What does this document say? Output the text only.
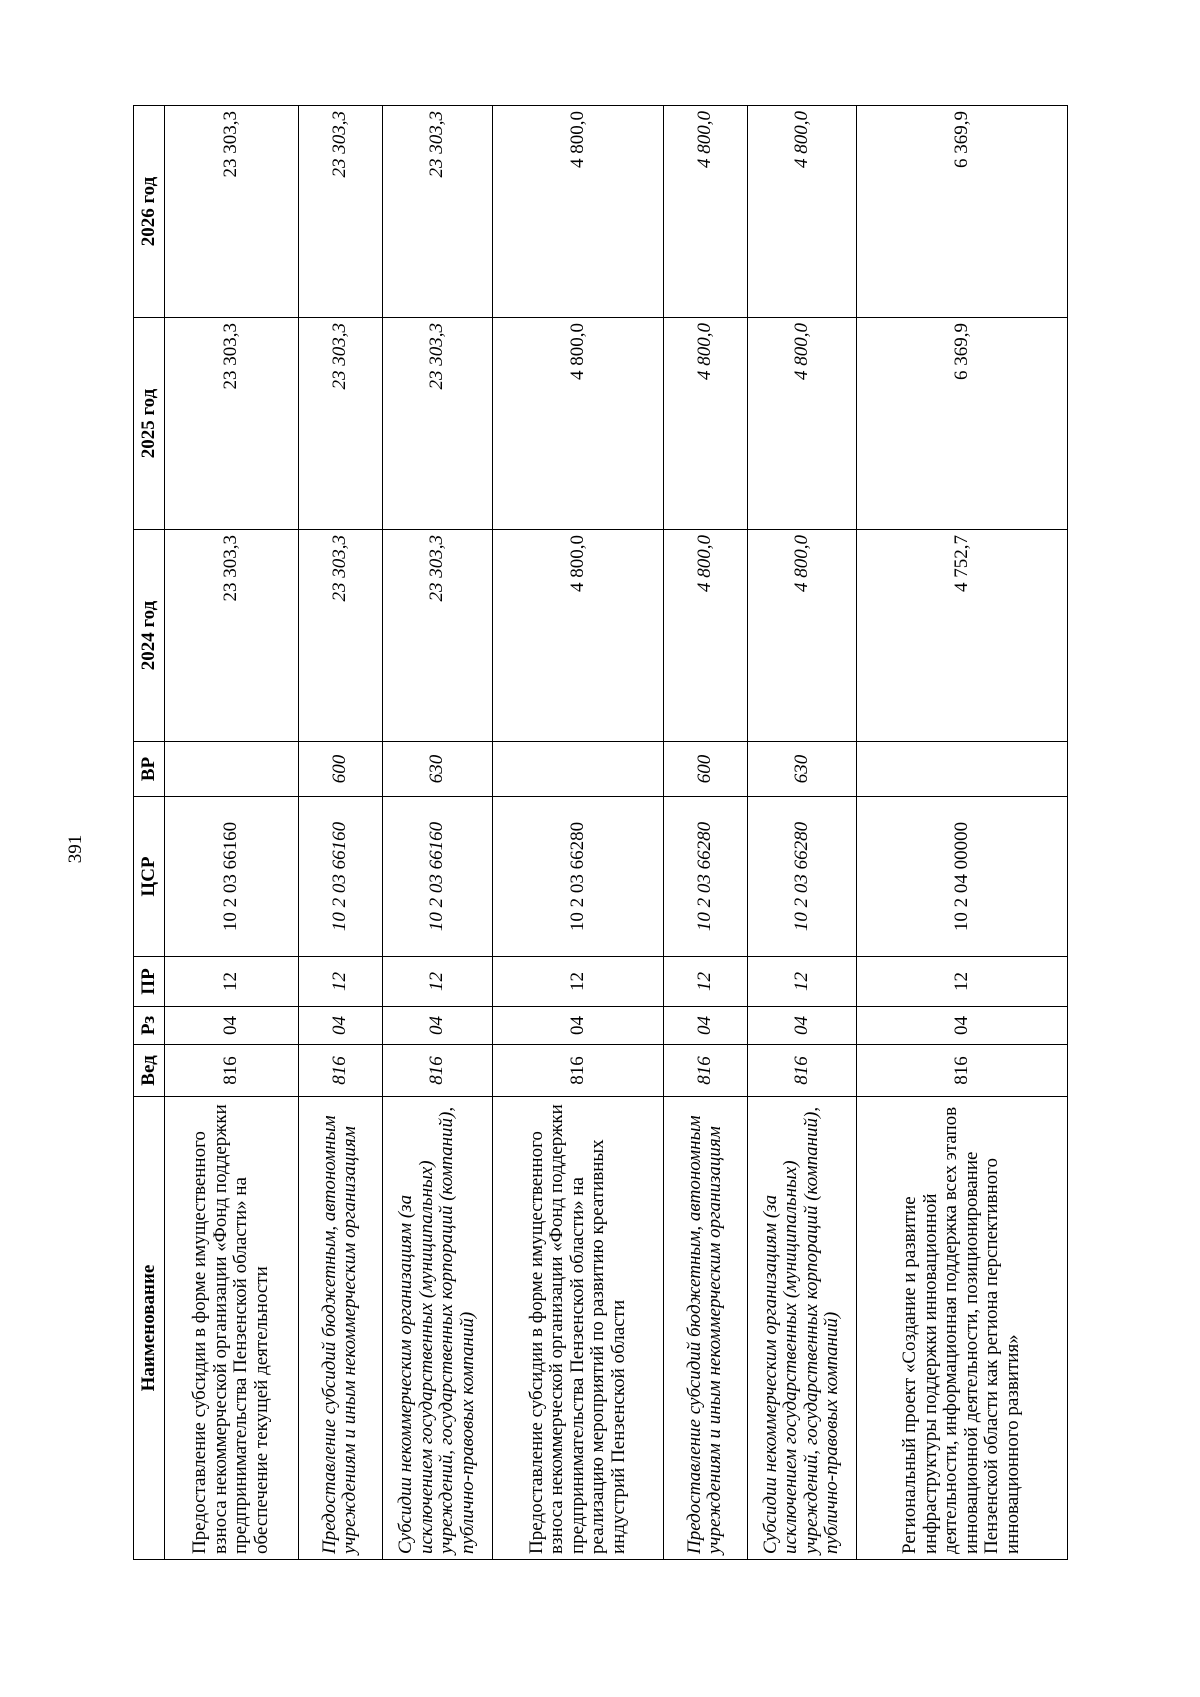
391
Наименование	Вед	Рз	ПР	ЦСР	ВР	2024 год	2025 год	2026 год
Предоставление субсидии в форме имущественного взноса некоммерческой организации «Фонд поддержки предпринимательства Пензенской области» на обеспечение текущей деятельности	816	04	12	10 2 03 66160		23 303,3	23 303,3	23 303,3
Предоставление субсидий бюджетным, автономным учреждениям и иным некоммерческим организациям	816	04	12	10 2 03 66160	600	23 303,3	23 303,3	23 303,3
Субсидии некоммерческим организациям (за исключением государственных (муниципальных) учреждений, государственных корпораций (компаний), публично-правовых компаний)	816	04	12	10 2 03 66160	630	23 303,3	23 303,3	23 303,3
Предоставление субсидии в форме имущественного взноса некоммерческой организации «Фонд поддержки предпринимательства Пензенской области» на реализацию мероприятий по развитию креативных индустрий Пензенской области	816	04	12	10 2 03 66280		4 800,0	4 800,0	4 800,0
Предоставление субсидий бюджетным, автономным учреждениям и иным некоммерческим организациям	816	04	12	10 2 03 66280	600	4 800,0	4 800,0	4 800,0
Субсидии некоммерческим организациям (за исключением государственных (муниципальных) учреждений, государственных корпораций (компаний), публично-правовых компаний)	816	04	12	10 2 03 66280	630	4 800,0	4 800,0	4 800,0
Региональный проект «Создание и развитие инфраструктуры поддержки инновационной деятельности, информационная поддержка всех этапов инновационной деятельности, позиционирование Пензенской области как региона перспективного инновационного развития»	816	04	12	10 2 04 00000		4 752,7	6 369,9	6 369,9
